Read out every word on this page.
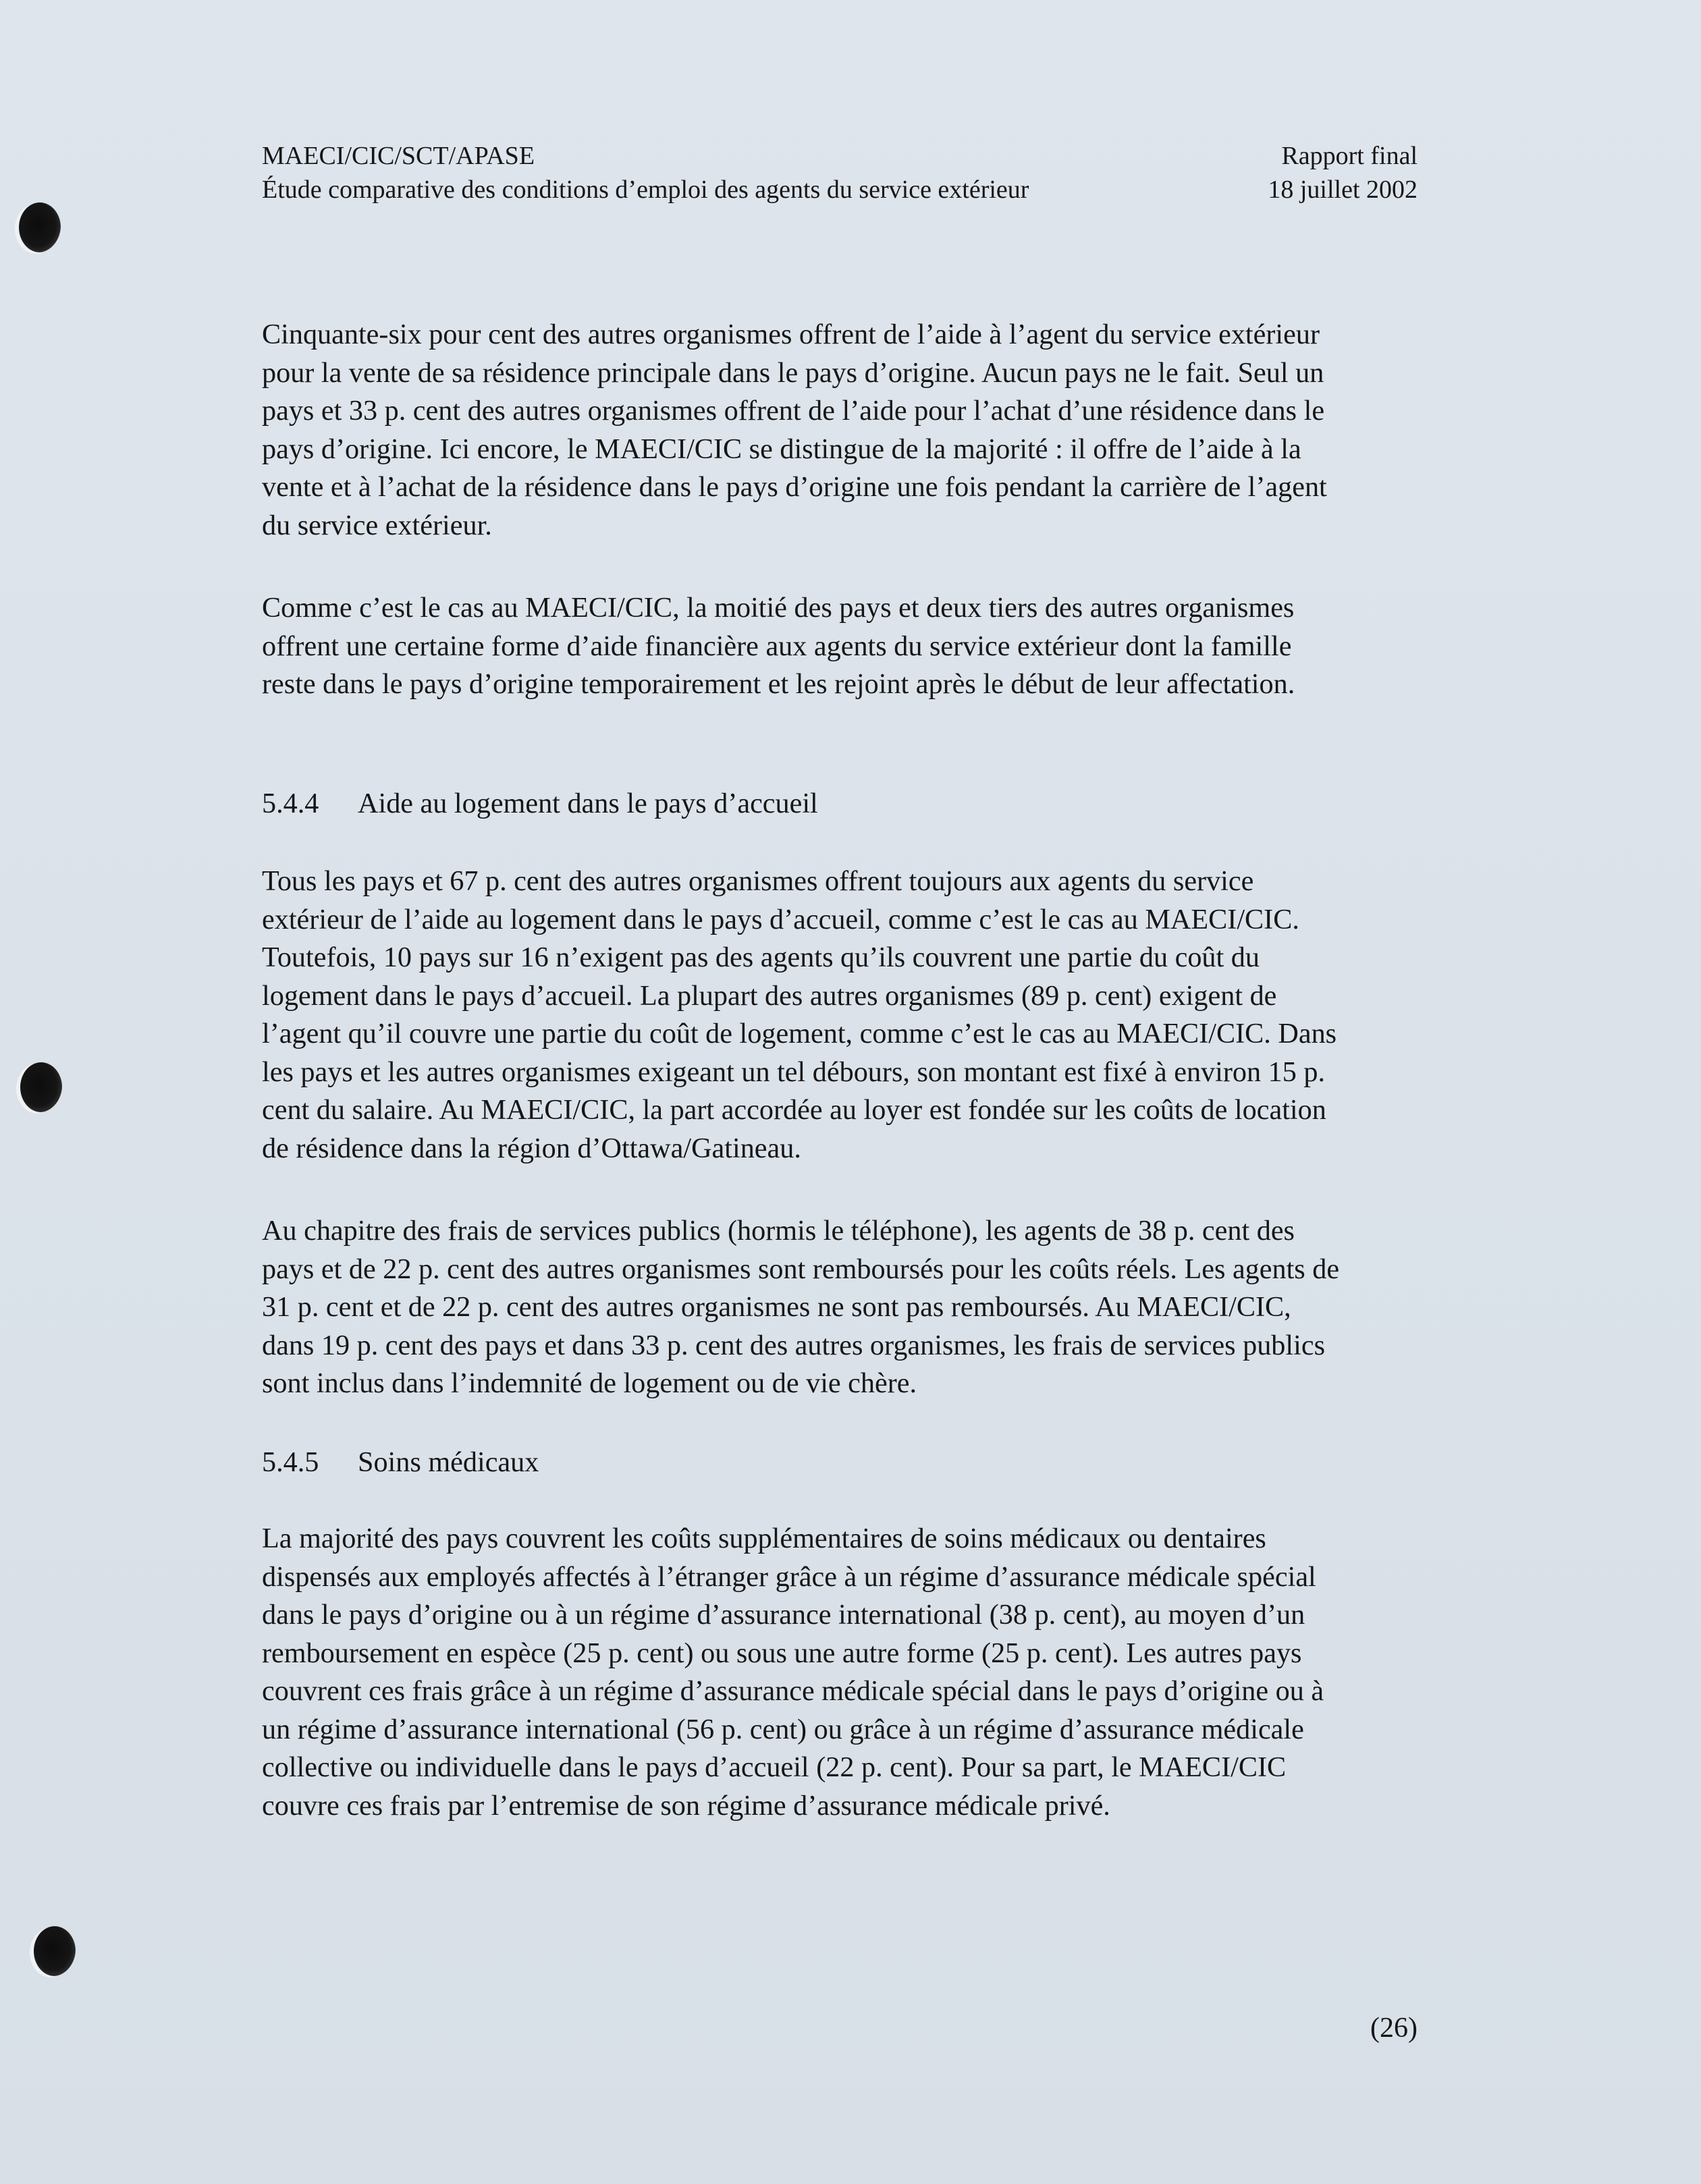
MAECI/CIC/SCT/APASE	Rapport final
Étude comparative des conditions d’emploi des agents du service extérieur	18 juillet 2002
Cinquante-six pour cent des autres organismes offrent de l’aide à l’agent du service extérieur
pour la vente de sa résidence principale dans le pays d’origine. Aucun pays ne le fait. Seul un
pays et 33 p. cent des autres organismes offrent de l’aide pour l’achat d’une résidence dans le
pays d’origine. Ici encore, le MAECI/CIC se distingue de la majorité : il offre de l’aide à la
vente et à l’achat de la résidence dans le pays d’origine une fois pendant la carrière de l’agent
du service extérieur.
Comme c’est le cas au MAECI/CIC, la moitié des pays et deux tiers des autres organismes
offrent une certaine forme d’aide financière aux agents du service extérieur dont la famille
reste dans le pays d’origine temporairement et les rejoint après le début de leur affectation.
5.4.4 Aide au logement dans le pays d’accueil
Tous les pays et 67 p. cent des autres organismes offrent toujours aux agents du service
extérieur de l’aide au logement dans le pays d’accueil, comme c’est le cas au MAECI/CIC.
Toutefois, 10 pays sur 16 n’exigent pas des agents qu’ils couvrent une partie du coût du
logement dans le pays d’accueil. La plupart des autres organismes (89 p. cent) exigent de
l’agent qu’il couvre une partie du coût de logement, comme c’est le cas au MAECI/CIC. Dans
les pays et les autres organismes exigeant un tel débours, son montant est fixé à environ 15 p.
cent du salaire. Au MAECI/CIC, la part accordée au loyer est fondée sur les coûts de location
de résidence dans la région d’Ottawa/Gatineau.
Au chapitre des frais de services publics (hormis le téléphone), les agents de 38 p. cent des
pays et de 22 p. cent des autres organismes sont remboursés pour les coûts réels. Les agents de
31 p. cent et de 22 p. cent des autres organismes ne sont pas remboursés. Au MAECI/CIC,
dans 19 p. cent des pays et dans 33 p. cent des autres organismes, les frais de services publics
sont inclus dans l’indemnité de logement ou de vie chère.
5.4.5 Soins médicaux
La majorité des pays couvrent les coûts supplémentaires de soins médicaux ou dentaires
dispensés aux employés affectés à l’étranger grâce à un régime d’assurance médicale spécial
dans le pays d’origine ou à un régime d’assurance international (38 p. cent), au moyen d’un
remboursement en espèce (25 p. cent) ou sous une autre forme (25 p. cent). Les autres pays
couvrent ces frais grâce à un régime d’assurance médicale spécial dans le pays d’origine ou à
un régime d’assurance international (56 p. cent) ou grâce à un régime d’assurance médicale
collective ou individuelle dans le pays d’accueil (22 p. cent). Pour sa part, le MAECI/CIC
couvre ces frais par l’entremise de son régime d’assurance médicale privé.
(26)
